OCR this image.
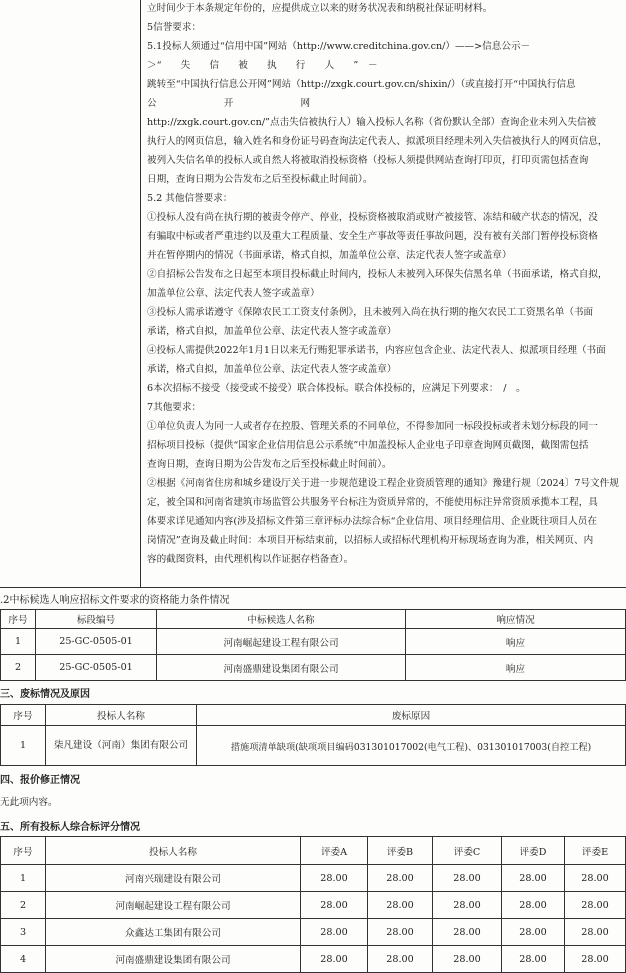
立时间少于本条规定年份的，应提供成立以来的财务状况表和纳税社保证明材料。
5信誉要求：
5.1投标人须通过“信用中国”网站（http://www.creditchina.gov.cn/）——>信息公示－
＞“　　失　　信　　被　　执　　行　　人　　”　－
跳转至“中国执行信息公开网”网站（http://zxgk.court.gov.cn/shixin/）（或直接打开“中国执行信息
公　　　　　　　开　　　　　　　网
http://zxgk.court.gov.cn/”点击失信被执行人）输入投标人名称（省份默认全部）查询企业未列入失信被
执行人的网页信息，输入姓名和身份证号码查询法定代表人、拟派项目经理未列入失信被执行人的网页信息，
被列入失信名单的投标人或自然人将被取消投标资格（投标人须提供网站查询打印页，打印页需包括查询
日期，查询日期为公告发布之后至投标截止时间前）。
5.2 其他信誉要求：
①投标人没有尚在执行期的被责令停产、停业，投标资格被取消或财产被接管、冻结和破产状态的情况，没
有骗取中标或者严重违约以及重大工程质量、安全生产事故等责任事故问题，没有被有关部门暂停投标资格
并在暂停期内的情况（书面承诺，格式自拟，加盖单位公章、法定代表人签字或盖章）
②自招标公告发布之日起至本项目投标截止时间内，投标人未被列入环保失信黑名单（书面承诺，格式自拟，
加盖单位公章、法定代表人签字或盖章）
③投标人需承诺遵守《保障农民工工资支付条例》，且未被列入尚在执行期的拖欠农民工工资黑名单（书面
承诺，格式自拟，加盖单位公章、法定代表人签字或盖章）
④投标人需提供2022年1月1日以来无行贿犯罪承诺书，内容应包含企业、法定代表人、拟派项目经理（书面
承诺，格式自拟，加盖单位公章、法定代表人签字或盖章）
6本次招标不接受（接受或不接受）联合体投标。联合体投标的，应满足下列要求：　/　。
7其他要求：
①单位负责人为同一人或者存在控股、管理关系的不同单位，不得参加同一标段投标或者未划分标段的同一
招标项目投标（提供“国家企业信用信息公示系统”中加盖投标人企业电子印章查询网页截图，截图需包括
查询日期，查询日期为公告发布之后至投标截止时间前）。
②根据《河南省住房和城乡建设厅关于进一步规范建设工程企业资质管理的通知》豫建行规〔2024〕7号文件规
定，被全国和河南省建筑市场监管公共服务平台标注为资质异常的，不能使用标注异常资质承揽本工程，具
体要求详见通知内容(涉及招标文件第三章评标办法综合标“企业信用、项目经理信用、企业既往项目人员在
岗情况”查询及截止时间：本项目开标结束前，以招标人或招标代理机构开标现场查询为准，相关网页、内
容的截图资料，由代理机构以作证据存档备查）。
.2中标候选人响应招标文件要求的资格能力条件情况
序号	标段编号	中标候选人名称	响应情况
1	25-GC-0505-01	河南崛起建设工程有限公司	响应
2	25-GC-0505-01	河南盛鼎建设集团有限公司	响应
三、废标情况及原因
序号	投标人名称	废标原因
1	柒凡建设（河南）集团有限公司	措施项清单缺项(缺项项目编码031301017002(电气工程)、031301017003(自控工程)
四、报价修正情况
无此项内容。
五、所有投标人综合标评分情况
序号	投标人名称	评委A	评委B	评委C	评委D	评委E
1	河南兴瑞建设有限公司	28.00	28.00	28.00	28.00	28.00
2	河南崛起建设工程有限公司	28.00	28.00	28.00	28.00	28.00
3	众鑫达工集团有限公司	28.00	28.00	28.00	28.00	28.00
4	河南盛鼎建设集团有限公司	28.00	28.00	28.00	28.00	28.00
